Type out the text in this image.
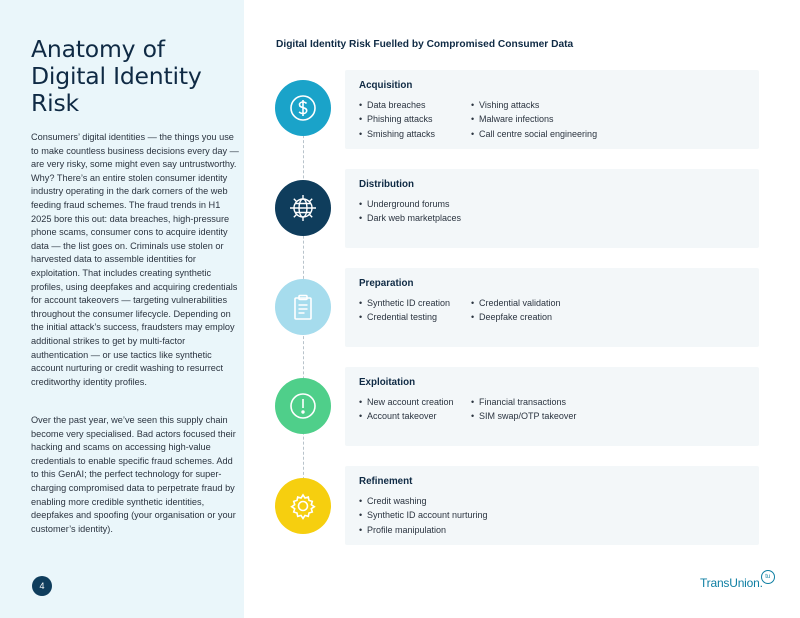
Anatomy of Digital Identity Risk

Consumers’ digital identities — the things you use to make countless business decisions every day — are very risky, some might even say untrustworthy. Why? There’s an entire stolen consumer identity industry operating in the dark corners of the web feeding fraud schemes. The fraud trends in H1 2025 bore this out: data breaches, high-pressure phone scams, consumer cons to acquire identity data — the list goes on. Criminals use stolen or harvested data to assemble identities for exploitation. That includes creating synthetic profiles, using deepfakes and acquiring credentials for account takeovers — targeting vulnerabilities throughout the consumer lifecycle. Depending on the initial attack’s success, fraudsters may employ additional strikes to get by multi-factor authentication — or use tactics like synthetic account nurturing or credit washing to resurrect creditworthy identity profiles.

Over the past year, we’ve seen this supply chain become very specialised. Bad actors focused their hacking and scams on accessing high-value credentials to enable specific fraud schemes. Add to this GenAI; the perfect technology for super-charging compromised data to perpetrate fraud by enabling more credible synthetic identities, deepfakes and spoofing (your organisation or your customer’s identity).

4
Digital Identity Risk Fuelled by Compromised Consumer Data
Acquisition
• Data breaches
• Phishing attacks
• Smishing attacks
• Vishing attacks
• Malware infections
• Call centre social engineering
Distribution
• Underground forums
• Dark web marketplaces
Preparation
• Synthetic ID creation
• Credential testing
• Credential validation
• Deepfake creation
Exploitation
• New account creation
• Account takeover
• Financial transactions
• SIM swap/OTP takeover
Refinement
• Credit washing
• Synthetic ID account nurturing
• Profile manipulation
TransUnion. tu
